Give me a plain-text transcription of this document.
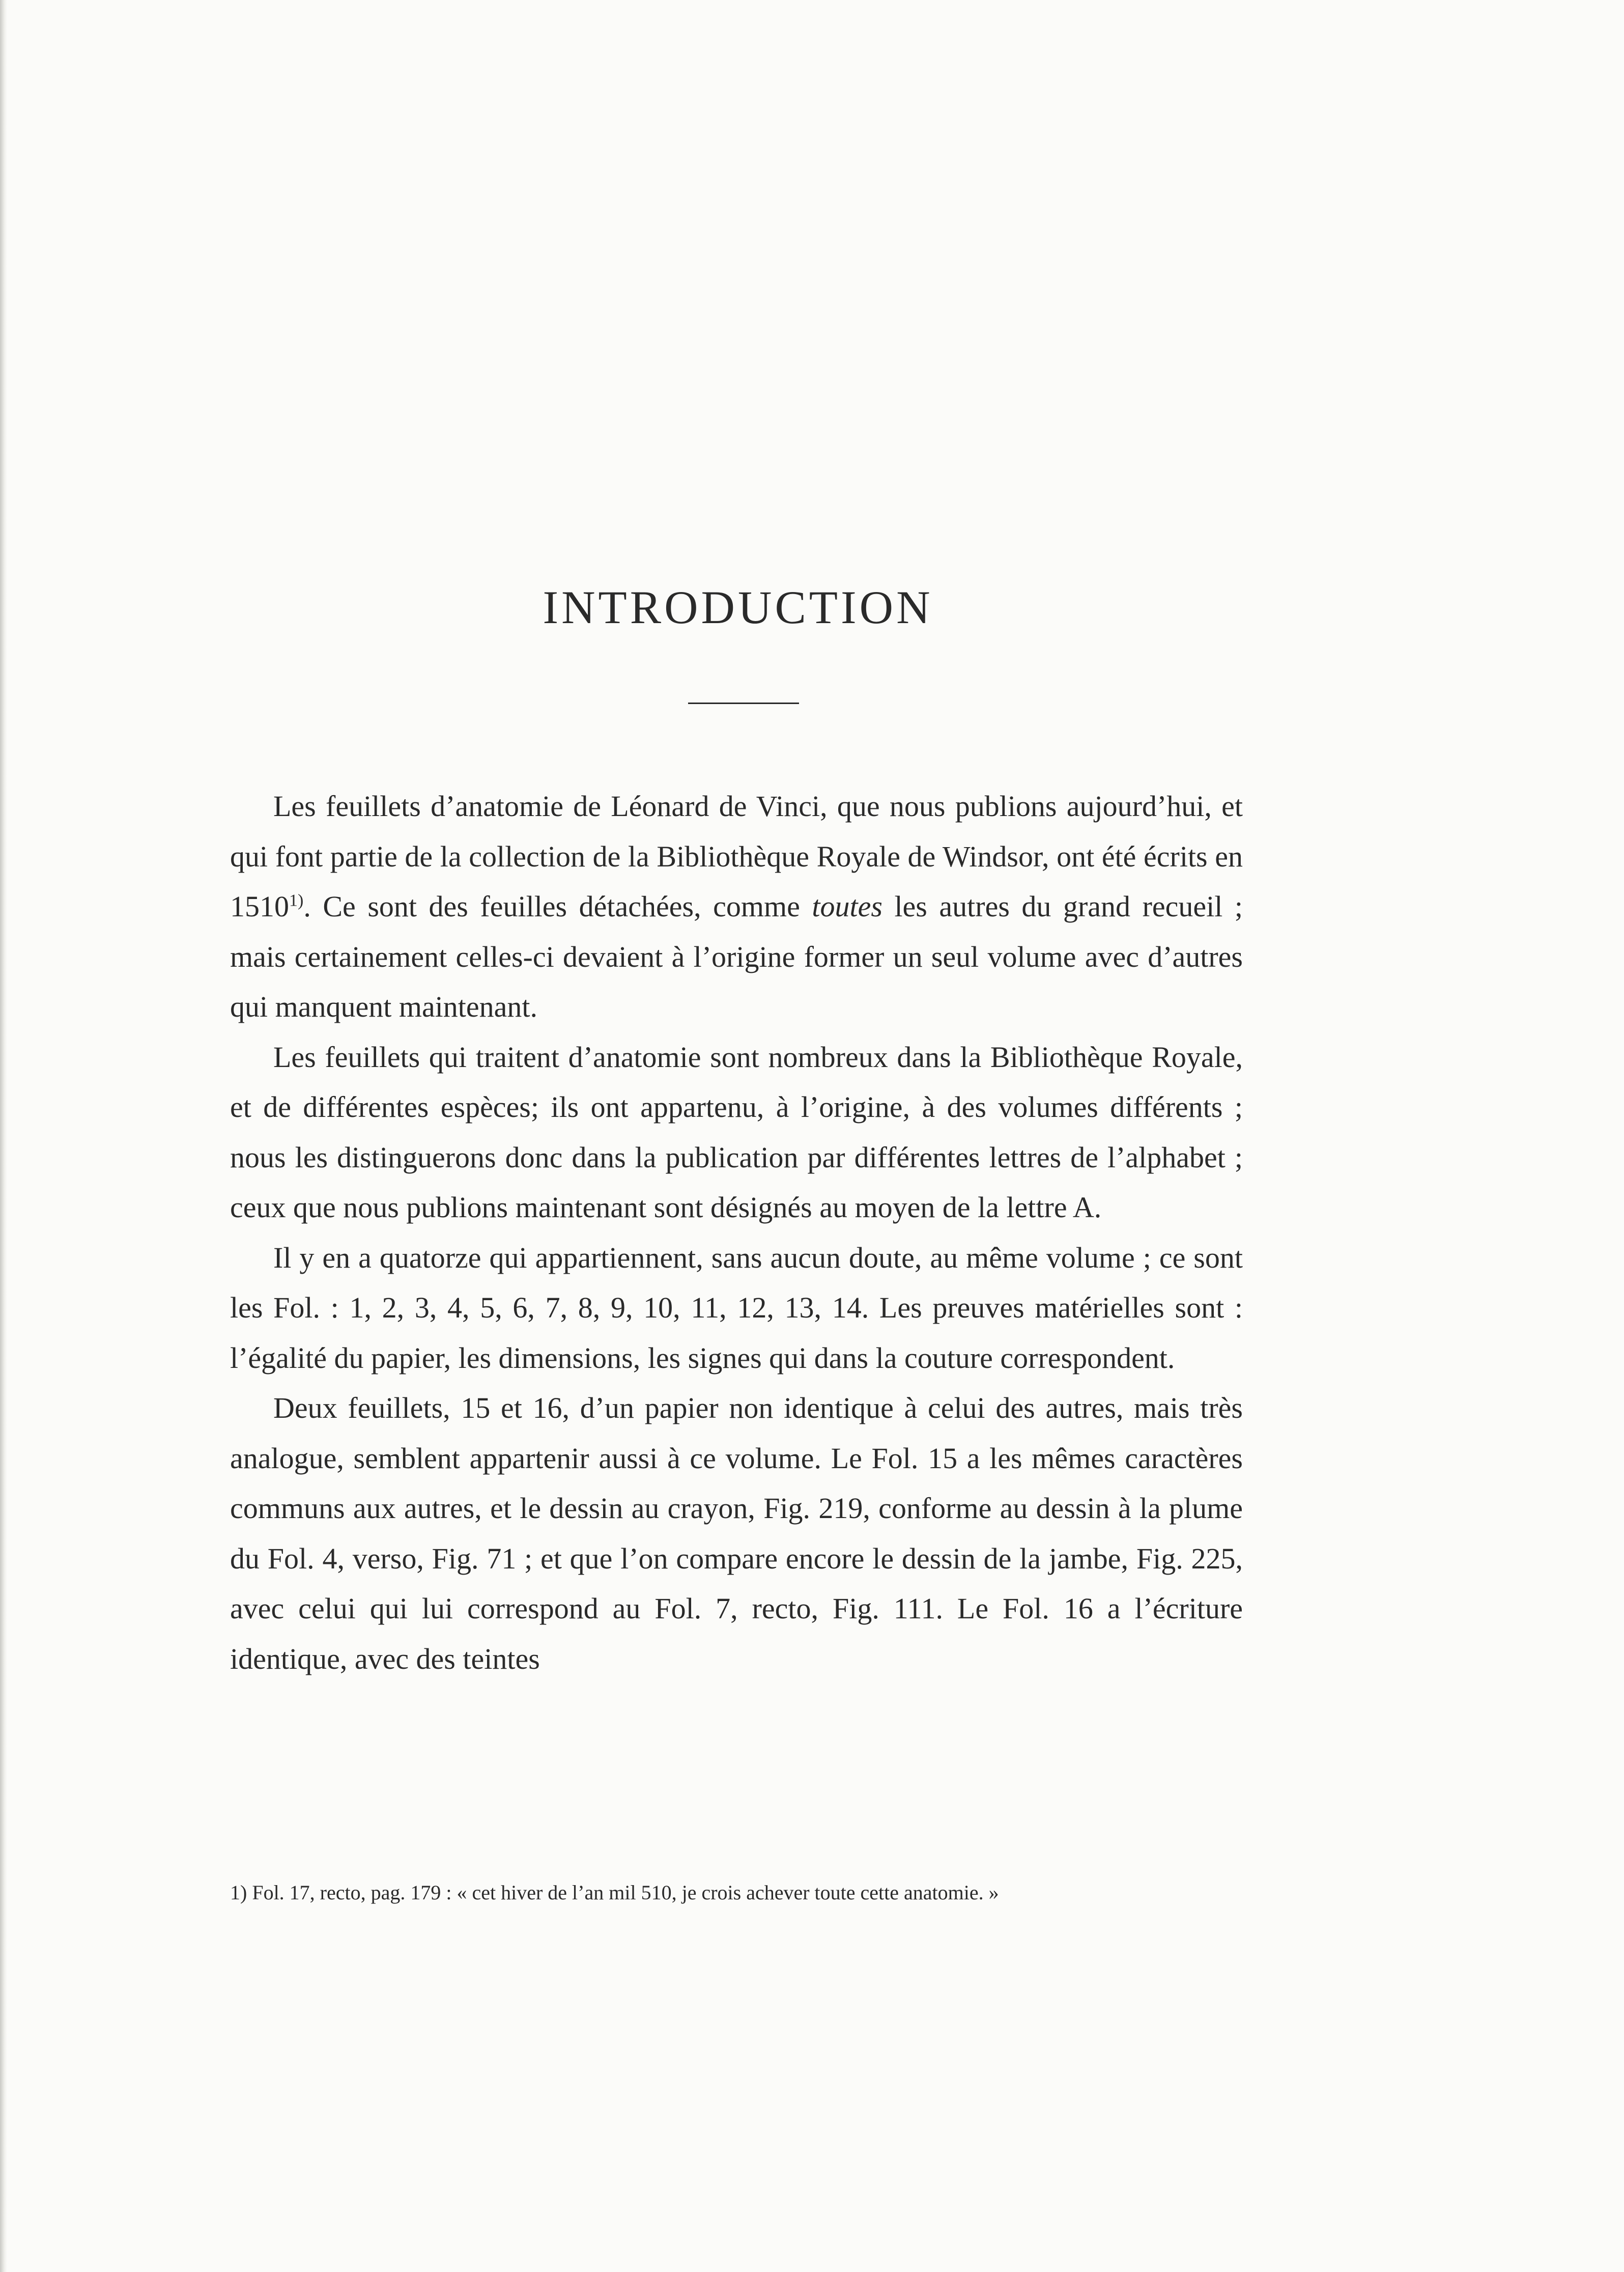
INTRODUCTION

Les feuillets d’anatomie de Léonard de Vinci, que nous publions aujourd’hui, et qui font partie de la collection de la Bibliothèque Royale de Windsor, ont été écrits en 1510$^{1)}$. Ce sont des feuilles détachées, comme toutes les autres du grand recueil ; mais certainement celles-ci devaient à l’origine former un seul volume avec d’autres qui manquent maintenant.

Les feuillets qui traitent d’anatomie sont nombreux dans la Bibliothèque Royale, et de différentes espèces; ils ont appartenu, à l’origine, à des volumes différents ; nous les distinguerons donc dans la publication par différentes lettres de l’alphabet ; ceux que nous publions maintenant sont désignés au moyen de la lettre A.

Il y en a quatorze qui appartiennent, sans aucun doute, au même volume ; ce sont les Fol. : 1, 2, 3, 4, 5, 6, 7, 8, 9, 10, 11, 12, 13, 14. Les preuves matérielles sont : l’égalité du papier, les dimensions, les signes qui dans la couture correspondent.

Deux feuillets, 15 et 16, d’un papier non identique à celui des autres, mais très analogue, semblent appartenir aussi à ce volume. Le Fol. 15 a les mêmes caractères communs aux autres, et le dessin au crayon, Fig. 219, conforme au dessin à la plume du Fol. 4, verso, Fig. 71 ; et que l’on compare encore le dessin de la jambe, Fig. 225, avec celui qui lui correspond au Fol. 7, recto, Fig. 111. Le Fol. 16 a l’écriture identique, avec des teintes

1) Fol. 17, recto, pag. 179 : « cet hiver de l’an mil 510, je crois achever toute cette anatomie. »
